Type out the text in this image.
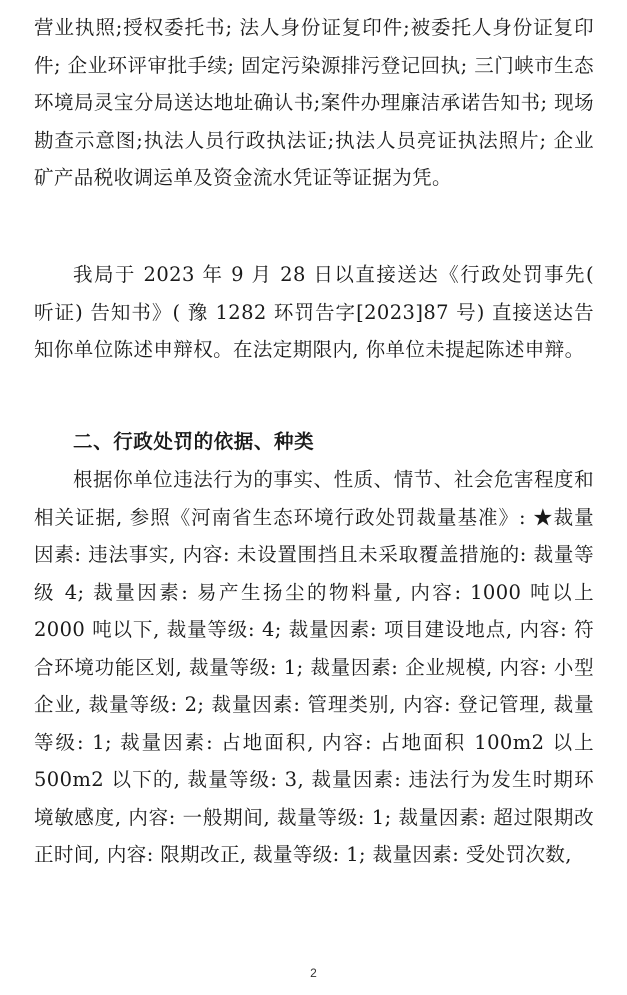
营业执照;授权委托书; 法人身份证复印件;被委托人身份证复印件; 企业环评审批手续; 固定污染源排污登记回执; 三门峡市生态环境局灵宝分局送达地址确认书;案件办理廉洁承诺告知书; 现场勘查示意图;执法人员行政执法证;执法人员亮证执法照片; 企业矿产品税收调运单及资金流水凭证等证据为凭。

我局于 2023 年 9 月 28 日以直接送达《行政处罚事先( 听证) 告知书》( 豫 1282 环罚告字[2023]87 号) 直接送达告知你单位陈述申辩权。在法定期限内, 你单位未提起陈述申辩。

二、行政处罚的依据、种类

根据你单位违法行为的事实、性质、情节、社会危害程度和相关证据, 参照《河南省生态环境行政处罚裁量基准》: ★裁量因素: 违法事实, 内容: 未设置围挡且未采取覆盖措施的: 裁量等级 4; 裁量因素: 易产生扬尘的物料量, 内容: 1000 吨以上 2000 吨以下, 裁量等级: 4; 裁量因素: 项目建设地点, 内容: 符合环境功能区划, 裁量等级: 1; 裁量因素: 企业规模, 内容: 小型企业, 裁量等级: 2; 裁量因素: 管理类别, 内容: 登记管理, 裁量等级: 1; 裁量因素: 占地面积, 内容: 占地面积 100m2 以上 500m2 以下的, 裁量等级: 3, 裁量因素: 违法行为发生时期环境敏感度, 内容: 一般期间, 裁量等级: 1; 裁量因素: 超过限期改正时间, 内容: 限期改正, 裁量等级: 1; 裁量因素: 受处罚次数,

2
